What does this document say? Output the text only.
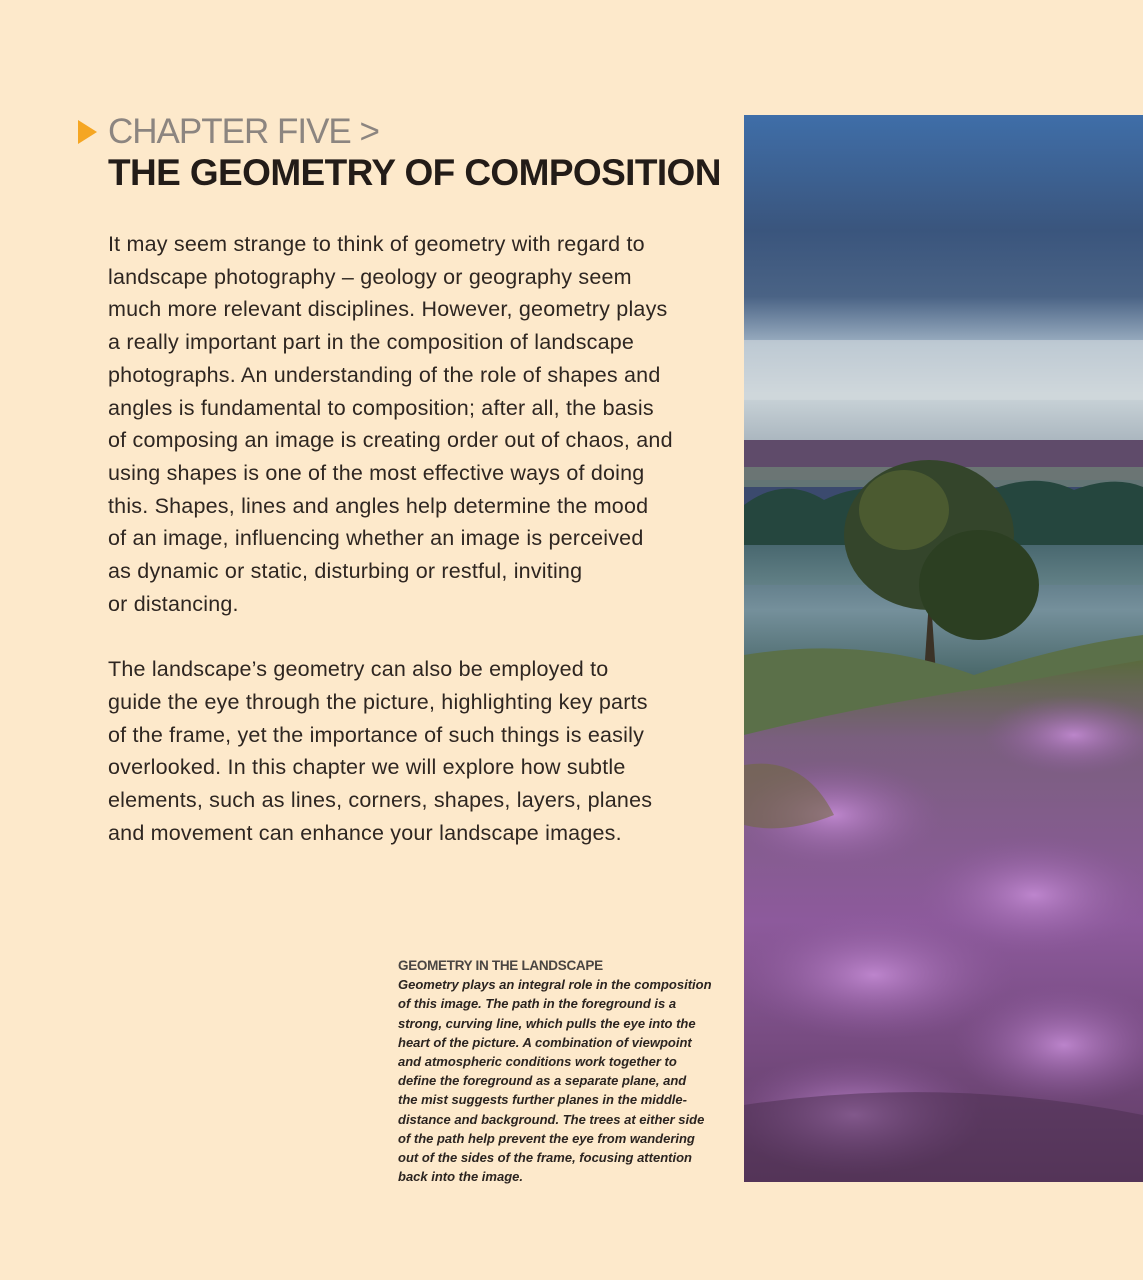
CHAPTER FIVE >
THE GEOMETRY OF COMPOSITION

It may seem strange to think of geometry with regard to
landscape photography – geology or geography seem
much more relevant disciplines. However, geometry plays
a really important part in the composition of landscape
photographs. An understanding of the role of shapes and
angles is fundamental to composition; after all, the basis
of composing an image is creating order out of chaos, and
using shapes is one of the most effective ways of doing
this. Shapes, lines and angles help determine the mood
of an image, influencing whether an image is perceived
as dynamic or static, disturbing or restful, inviting
or distancing.

The landscape’s geometry can also be employed to
guide the eye through the picture, highlighting key parts
of the frame, yet the importance of such things is easily
overlooked. In this chapter we will explore how subtle
elements, such as lines, corners, shapes, layers, planes
and movement can enhance your landscape images.

GEOMETRY IN THE LANDSCAPE
Geometry plays an integral role in the composition
of this image. The path in the foreground is a
strong, curving line, which pulls the eye into the
heart of the picture. A combination of viewpoint
and atmospheric conditions work together to
define the foreground as a separate plane, and
the mist suggests further planes in the middle-
distance and background. The trees at either side
of the path help prevent the eye from wandering
out of the sides of the frame, focusing attention
back into the image.
